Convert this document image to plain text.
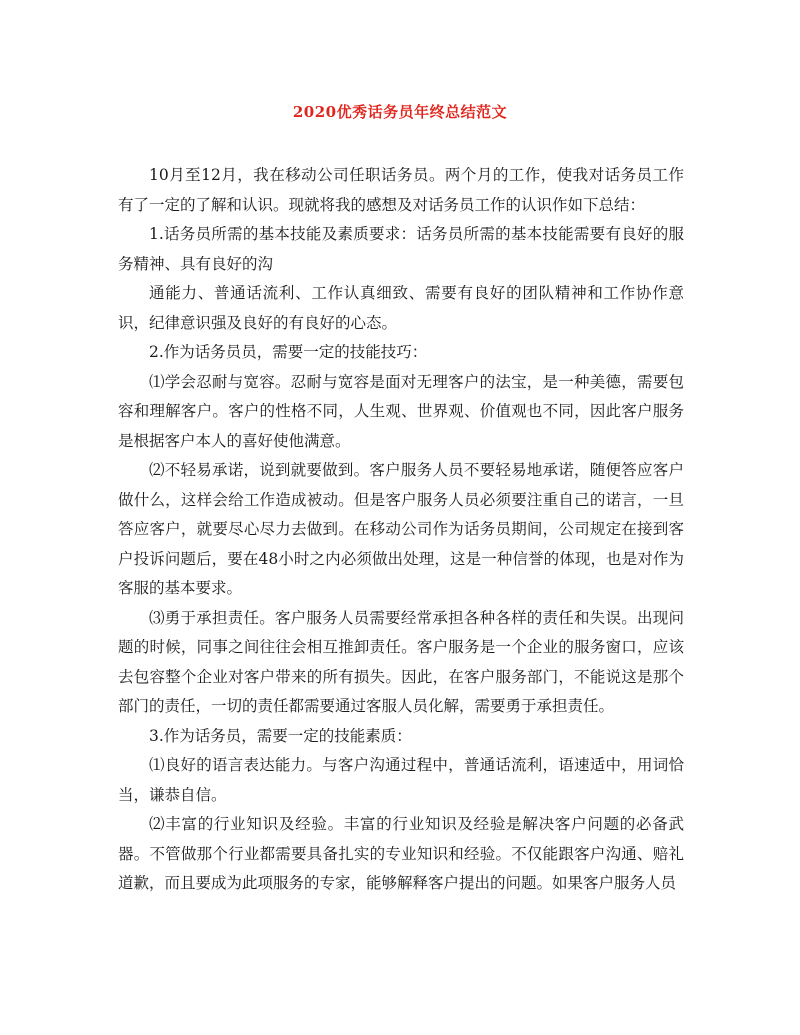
2020优秀话务员年终总结范文

10月至12月，我在移动公司任职话务员。两个月的工作，使我对话务员工作有了一定的了解和认识。现就将我的感想及对话务员工作的认识作如下总结：

1.话务员所需的基本技能及素质要求：话务员所需的基本技能需要有良好的服务精神、具有良好的沟

通能力、普通话流利、工作认真细致、需要有良好的团队精神和工作协作意识，纪律意识强及良好的有良好的心态。

2.作为话务员员，需要一定的技能技巧：

⑴学会忍耐与宽容。忍耐与宽容是面对无理客户的法宝，是一种美德，需要包容和理解客户。客户的性格不同，人生观、世界观、价值观也不同，因此客户服务是根据客户本人的喜好使他满意。

⑵不轻易承诺，说到就要做到。客户服务人员不要轻易地承诺，随便答应客户做什么，这样会给工作造成被动。但是客户服务人员必须要注重自己的诺言，一旦答应客户，就要尽心尽力去做到。在移动公司作为话务员期间，公司规定在接到客户投诉问题后，要在48小时之内必须做出处理，这是一种信誉的体现，也是对作为客服的基本要求。

⑶勇于承担责任。客户服务人员需要经常承担各种各样的责任和失误。出现问题的时候，同事之间往往会相互推卸责任。客户服务是一个企业的服务窗口，应该去包容整个企业对客户带来的所有损失。因此，在客户服务部门，不能说这是那个部门的责任，一切的责任都需要通过客服人员化解，需要勇于承担责任。

3.作为话务员，需要一定的技能素质：

⑴良好的语言表达能力。与客户沟通过程中，普通话流利，语速适中，用词恰当，谦恭自信。

⑵丰富的行业知识及经验。丰富的行业知识及经验是解决客户问题的必备武器。不管做那个行业都需要具备扎实的专业知识和经验。不仅能跟客户沟通、赔礼道歉，而且要成为此项服务的专家，能够解释客户提出的问题。如果客户服务人员
